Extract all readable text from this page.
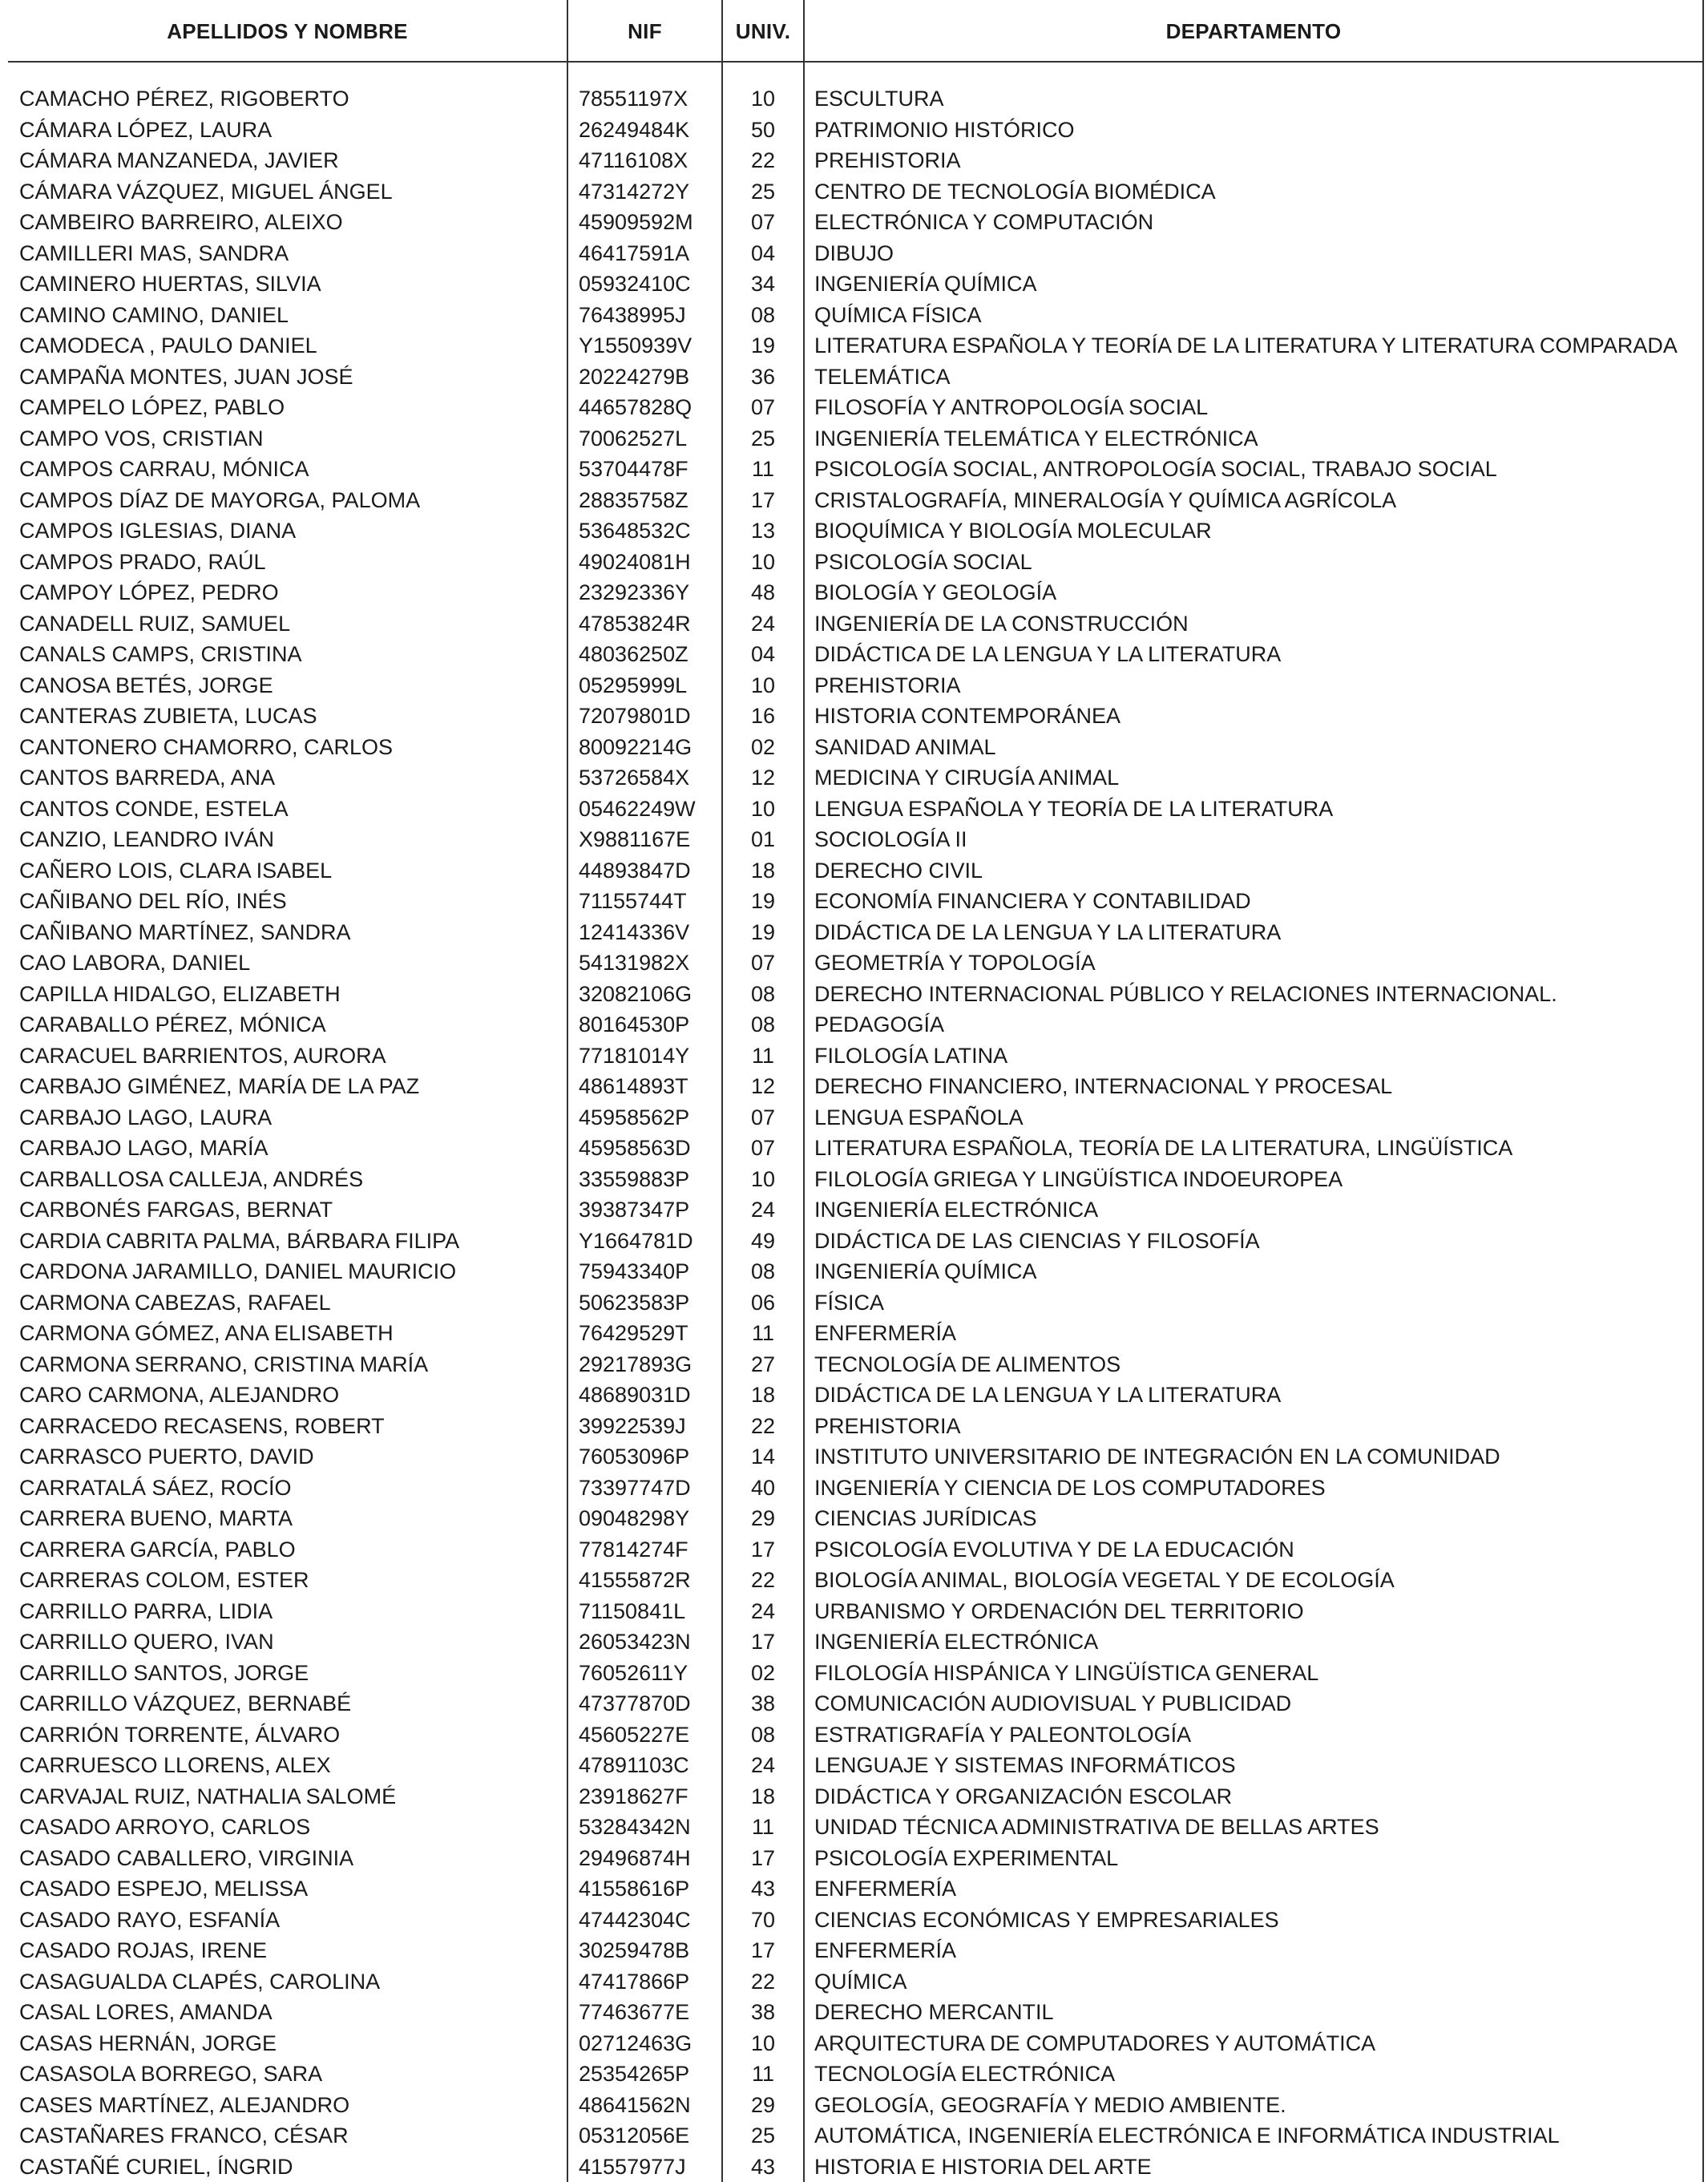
APELLIDOS Y NOMBRE	NIF	UNIV.	DEPARTAMENTO
CAMACHO PÉREZ, RIGOBERTO	78551197X	10	ESCULTURA
CÁMARA LÓPEZ, LAURA	26249484K	50	PATRIMONIO HISTÓRICO
CÁMARA MANZANEDA, JAVIER	47116108X	22	PREHISTORIA
CÁMARA VÁZQUEZ, MIGUEL ÁNGEL	47314272Y	25	CENTRO DE TECNOLOGÍA BIOMÉDICA
CAMBEIRO BARREIRO, ALEIXO	45909592M	07	ELECTRÓNICA Y COMPUTACIÓN
CAMILLERI MAS, SANDRA	46417591A	04	DIBUJO
CAMINERO HUERTAS, SILVIA	05932410C	34	INGENIERÍA QUÍMICA
CAMINO CAMINO, DANIEL	76438995J	08	QUÍMICA FÍSICA
CAMODECA , PAULO DANIEL	Y1550939V	19	LITERATURA ESPAÑOLA Y TEORÍA DE LA LITERATURA Y LITERATURA COMPARADA
CAMPAÑA MONTES, JUAN JOSÉ	20224279B	36	TELEMÁTICA
CAMPELO LÓPEZ, PABLO	44657828Q	07	FILOSOFÍA Y ANTROPOLOGÍA SOCIAL
CAMPO VOS, CRISTIAN	70062527L	25	INGENIERÍA TELEMÁTICA Y ELECTRÓNICA
CAMPOS CARRAU, MÓNICA	53704478F	11	PSICOLOGÍA SOCIAL, ANTROPOLOGÍA SOCIAL, TRABAJO SOCIAL
CAMPOS DÍAZ DE MAYORGA, PALOMA	28835758Z	17	CRISTALOGRAFÍA, MINERALOGÍA Y QUÍMICA AGRÍCOLA
CAMPOS IGLESIAS, DIANA	53648532C	13	BIOQUÍMICA Y BIOLOGÍA MOLECULAR
CAMPOS PRADO, RAÚL	49024081H	10	PSICOLOGÍA SOCIAL
CAMPOY LÓPEZ, PEDRO	23292336Y	48	BIOLOGÍA Y GEOLOGÍA
CANADELL RUIZ, SAMUEL	47853824R	24	INGENIERÍA DE LA CONSTRUCCIÓN
CANALS CAMPS, CRISTINA	48036250Z	04	DIDÁCTICA DE LA LENGUA Y LA LITERATURA
CANOSA BETÉS, JORGE	05295999L	10	PREHISTORIA
CANTERAS ZUBIETA, LUCAS	72079801D	16	HISTORIA CONTEMPORÁNEA
CANTONERO CHAMORRO, CARLOS	80092214G	02	SANIDAD ANIMAL
CANTOS BARREDA, ANA	53726584X	12	MEDICINA Y CIRUGÍA ANIMAL
CANTOS CONDE, ESTELA	05462249W	10	LENGUA ESPAÑOLA Y TEORÍA DE LA LITERATURA
CANZIO, LEANDRO IVÁN	X9881167E	01	SOCIOLOGÍA II
CAÑERO LOIS, CLARA ISABEL	44893847D	18	DERECHO CIVIL
CAÑIBANO DEL RÍO, INÉS	71155744T	19	ECONOMÍA FINANCIERA Y CONTABILIDAD
CAÑIBANO MARTÍNEZ, SANDRA	12414336V	19	DIDÁCTICA DE LA LENGUA Y LA LITERATURA
CAO LABORA, DANIEL	54131982X	07	GEOMETRÍA Y TOPOLOGÍA
CAPILLA HIDALGO, ELIZABETH	32082106G	08	DERECHO INTERNACIONAL PÚBLICO Y RELACIONES INTERNACIONAL.
CARABALLO PÉREZ, MÓNICA	80164530P	08	PEDAGOGÍA
CARACUEL BARRIENTOS, AURORA	77181014Y	11	FILOLOGÍA LATINA
CARBAJO GIMÉNEZ, MARÍA DE LA PAZ	48614893T	12	DERECHO FINANCIERO, INTERNACIONAL Y PROCESAL
CARBAJO LAGO, LAURA	45958562P	07	LENGUA ESPAÑOLA
CARBAJO LAGO, MARÍA	45958563D	07	LITERATURA ESPAÑOLA, TEORÍA DE LA LITERATURA, LINGÜÍSTICA
CARBALLOSA CALLEJA, ANDRÉS	33559883P	10	FILOLOGÍA GRIEGA Y LINGÜÍSTICA INDOEUROPEA
CARBONÉS FARGAS, BERNAT	39387347P	24	INGENIERÍA ELECTRÓNICA
CARDIA CABRITA PALMA, BÁRBARA FILIPA	Y1664781D	49	DIDÁCTICA DE LAS CIENCIAS Y FILOSOFÍA
CARDONA JARAMILLO, DANIEL MAURICIO	75943340P	08	INGENIERÍA QUÍMICA
CARMONA CABEZAS, RAFAEL	50623583P	06	FÍSICA
CARMONA GÓMEZ, ANA ELISABETH	76429529T	11	ENFERMERÍA
CARMONA SERRANO, CRISTINA MARÍA	29217893G	27	TECNOLOGÍA DE ALIMENTOS
CARO CARMONA, ALEJANDRO	48689031D	18	DIDÁCTICA DE LA LENGUA Y LA LITERATURA
CARRACEDO RECASENS, ROBERT	39922539J	22	PREHISTORIA
CARRASCO PUERTO, DAVID	76053096P	14	INSTITUTO UNIVERSITARIO DE INTEGRACIÓN EN LA COMUNIDAD
CARRATALÁ SÁEZ, ROCÍO	73397747D	40	INGENIERÍA Y CIENCIA DE LOS COMPUTADORES
CARRERA BUENO, MARTA	09048298Y	29	CIENCIAS JURÍDICAS
CARRERA GARCÍA, PABLO	77814274F	17	PSICOLOGÍA EVOLUTIVA Y DE LA EDUCACIÓN
CARRERAS COLOM, ESTER	41555872R	22	BIOLOGÍA ANIMAL, BIOLOGÍA VEGETAL Y DE ECOLOGÍA
CARRILLO PARRA, LIDIA	71150841L	24	URBANISMO Y ORDENACIÓN DEL TERRITORIO
CARRILLO QUERO, IVAN	26053423N	17	INGENIERÍA ELECTRÓNICA
CARRILLO SANTOS, JORGE	76052611Y	02	FILOLOGÍA HISPÁNICA Y LINGÜÍSTICA GENERAL
CARRILLO VÁZQUEZ, BERNABÉ	47377870D	38	COMUNICACIÓN AUDIOVISUAL Y PUBLICIDAD
CARRIÓN TORRENTE, ÁLVARO	45605227E	08	ESTRATIGRAFÍA Y PALEONTOLOGÍA
CARRUESCO LLORENS, ALEX	47891103C	24	LENGUAJE Y SISTEMAS INFORMÁTICOS
CARVAJAL RUIZ, NATHALIA SALOMÉ	23918627F	18	DIDÁCTICA Y ORGANIZACIÓN ESCOLAR
CASADO ARROYO, CARLOS	53284342N	11	UNIDAD TÉCNICA ADMINISTRATIVA DE BELLAS ARTES
CASADO CABALLERO, VIRGINIA	29496874H	17	PSICOLOGÍA EXPERIMENTAL
CASADO ESPEJO, MELISSA	41558616P	43	ENFERMERÍA
CASADO RAYO, ESFANÍA	47442304C	70	CIENCIAS ECONÓMICAS Y EMPRESARIALES
CASADO ROJAS, IRENE	30259478B	17	ENFERMERÍA
CASAGUALDA CLAPÉS, CAROLINA	47417866P	22	QUÍMICA
CASAL LORES, AMANDA	77463677E	38	DERECHO MERCANTIL
CASAS HERNÁN, JORGE	02712463G	10	ARQUITECTURA DE COMPUTADORES Y AUTOMÁTICA
CASASOLA BORREGO, SARA	25354265P	11	TECNOLOGÍA ELECTRÓNICA
CASES MARTÍNEZ, ALEJANDRO	48641562N	29	GEOLOGÍA, GEOGRAFÍA Y MEDIO AMBIENTE.
CASTAÑARES FRANCO, CÉSAR	05312056E	25	AUTOMÁTICA, INGENIERÍA ELECTRÓNICA E INFORMÁTICA INDUSTRIAL
CASTAÑÉ CURIEL, ÍNGRID	41557977J	43	HISTORIA E HISTORIA DEL ARTE
